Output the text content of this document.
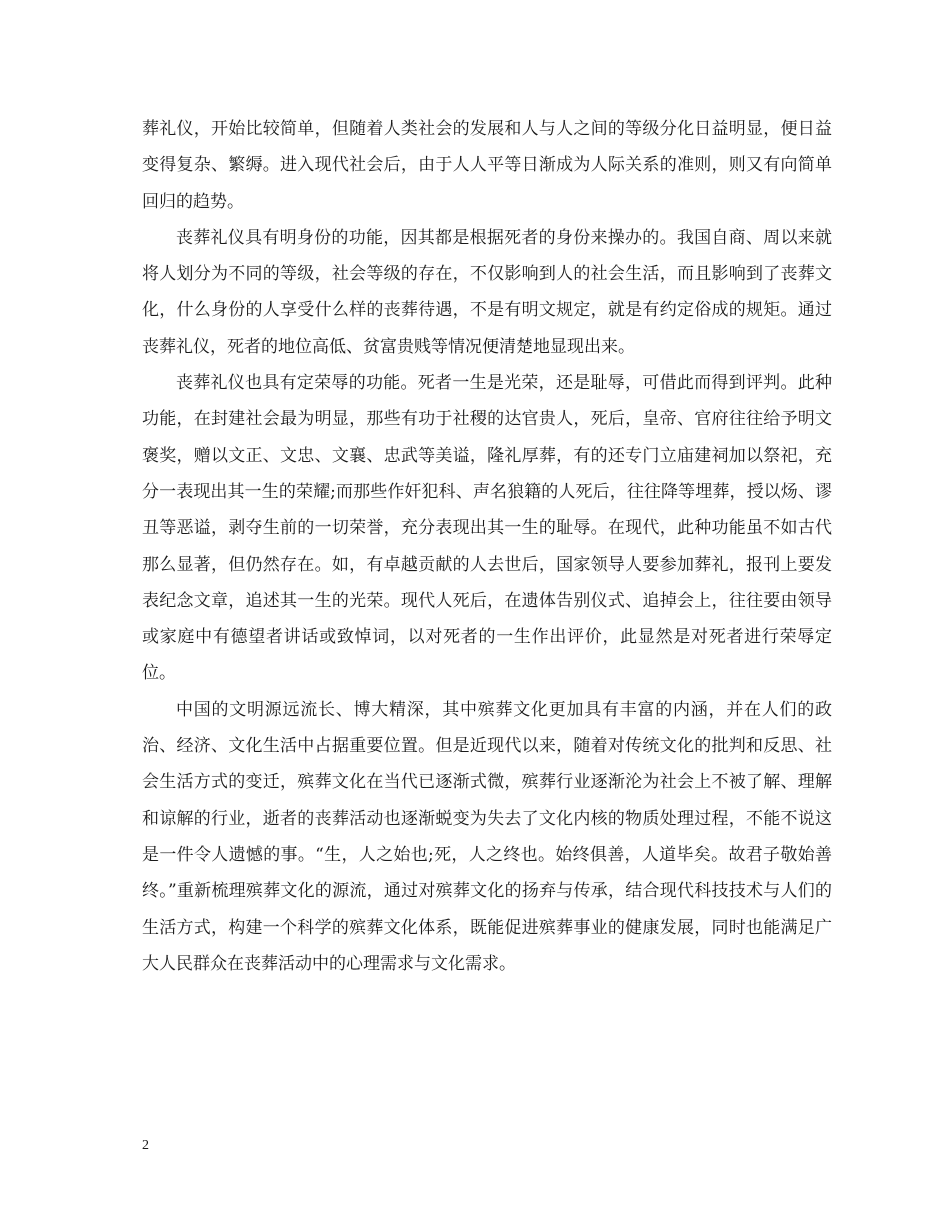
葬礼仪，开始比较简单，但随着人类社会的发展和人与人之间的等级分化日益明显，便日益变得复杂、繁缛。进入现代社会后，由于人人平等日渐成为人际关系的准则，则又有向简单回归的趋势。

丧葬礼仪具有明身份的功能，因其都是根据死者的身份来操办的。我国自商、周以来就将人划分为不同的等级，社会等级的存在，不仅影响到人的社会生活，而且影响到了丧葬文化，什么身份的人享受什么样的丧葬待遇，不是有明文规定，就是有约定俗成的规矩。通过丧葬礼仪，死者的地位高低、贫富贵贱等情况便清楚地显现出来。

丧葬礼仪也具有定荣辱的功能。死者一生是光荣，还是耻辱，可借此而得到评判。此种功能，在封建社会最为明显，那些有功于社稷的达官贵人，死后，皇帝、官府往往给予明文褒奖，赠以文正、文忠、文襄、忠武等美谥，隆礼厚葬，有的还专门立庙建祠加以祭祀，充分一表现出其一生的荣耀;而那些作奸犯科、声名狼籍的人死后，往往降等埋葬，授以炀、谬丑等恶谥，剥夺生前的一切荣誉，充分表现出其一生的耻辱。在现代，此种功能虽不如古代那么显著，但仍然存在。如，有卓越贡献的人去世后，国家领导人要参加葬礼，报刊上要发表纪念文章，追述其一生的光荣。现代人死后，在遗体告别仪式、追掉会上，往往要由领导或家庭中有德望者讲话或致悼词，以对死者的一生作出评价，此显然是对死者进行荣辱定位。

中国的文明源远流长、博大精深，其中殡葬文化更加具有丰富的内涵，并在人们的政治、经济、文化生活中占据重要位置。但是近现代以来，随着对传统文化的批判和反思、社会生活方式的变迁，殡葬文化在当代已逐渐式微，殡葬行业逐渐沦为社会上不被了解、理解和谅解的行业，逝者的丧葬活动也逐渐蜕变为失去了文化内核的物质处理过程，不能不说这是一件令人遗憾的事。“生，人之始也;死，人之终也。始终俱善，人道毕矣。故君子敬始善终。”重新梳理殡葬文化的源流，通过对殡葬文化的扬弃与传承，结合现代科技技术与人们的生活方式，构建一个科学的殡葬文化体系，既能促进殡葬事业的健康发展，同时也能满足广大人民群众在丧葬活动中的心理需求与文化需求。

2
